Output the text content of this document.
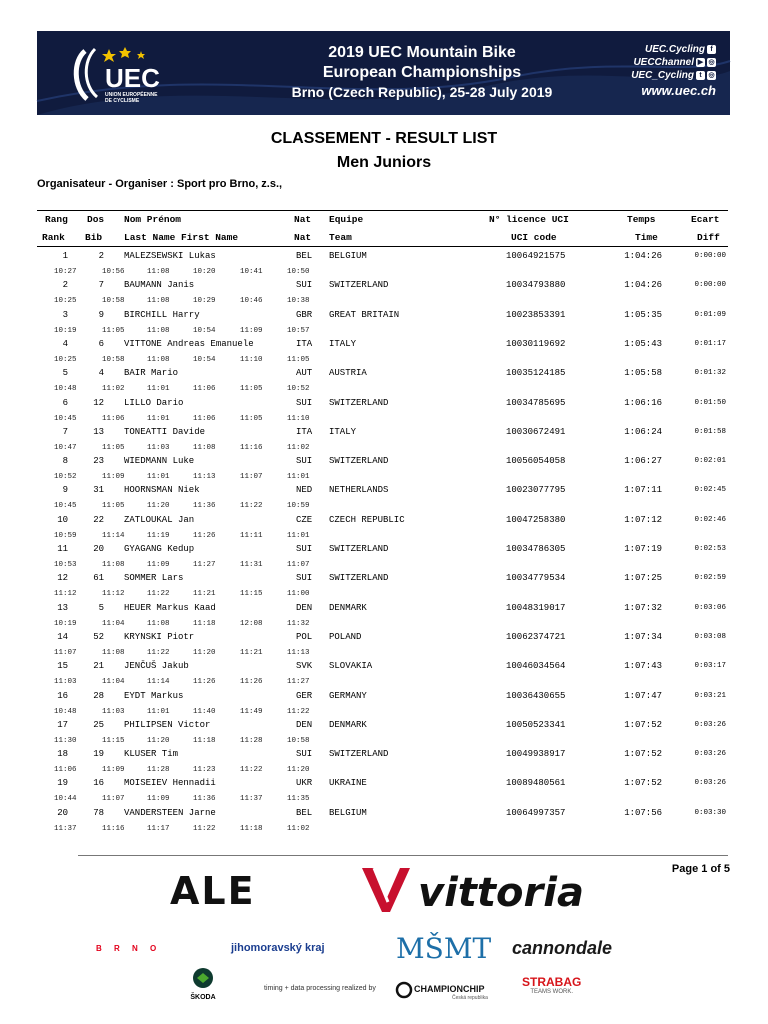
UEC
UNION EUROPÉENNE
DE CYCLISME
2019 UEC Mountain Bike
European Championships
Brno (Czech Republic), 25-28 July 2019
UEC.Cycling f
UECChannel ▶ ◎
UEC_Cycling t ◎
www.uec.ch
CLASSEMENT - RESULT LIST
Men Juniors
Organisateur - Organiser : Sport pro Brno, z.s.,
Rang Dos Nom Prénom	Nat Equipe	N° licence UCI	Temps	Ecart
Rank Bib Last Name First Name	Nat Team	UCI code	Time	Diff
1	2 MALEZSEWSKI Lukas	BEL BELGIUM	10064921575	1:04:26	0:00:00
10:27	10:56	11:08	10:20	10:41	10:50
2	7 BAUMANN Janis	SUI SWITZERLAND	10034793880	1:04:26	0:00:00
10:25	10:58	11:08	10:29	10:46	10:38
3	9 BIRCHILL Harry	GBR GREAT BRITAIN	10023853391	1:05:35	0:01:09
10:19	11:05	11:08	10:54	11:09	10:57
4	6 VITTONE Andreas Emanuele	ITA ITALY	10030119692	1:05:43	0:01:17
10:25	10:58	11:08	10:54	11:10	11:05
5	4 BAIR Mario	AUT AUSTRIA	10035124185	1:05:58	0:01:32
10:48	11:02	11:01	11:06	11:05	10:52
6	12 LILLO Dario	SUI SWITZERLAND	10034785695	1:06:16	0:01:50
10:45	11:06	11:01	11:06	11:05	11:10
7	13 TONEATTI Davide	ITA ITALY	10030672491	1:06:24	0:01:58
10:47	11:05	11:03	11:08	11:16	11:02
8	23 WIEDMANN Luke	SUI SWITZERLAND	10056054058	1:06:27	0:02:01
10:52	11:09	11:01	11:13	11:07	11:01
9	31 HOORNSMAN Niek	NED NETHERLANDS	10023077795	1:07:11	0:02:45
10:45	11:05	11:20	11:36	11:22	10:59
10	22 ZATLOUKAL Jan	CZE CZECH REPUBLIC	10047258380	1:07:12	0:02:46
10:59	11:14	11:19	11:26	11:11	11:01
11	20 GYAGANG Kedup	SUI SWITZERLAND	10034786305	1:07:19	0:02:53
10:53	11:08	11:09	11:27	11:31	11:07
12	61 SOMMER Lars	SUI SWITZERLAND	10034779534	1:07:25	0:02:59
11:12	11:12	11:22	11:21	11:15	11:00
13	5 HEUER Markus Kaad	DEN DENMARK	10048319017	1:07:32	0:03:06
10:19	11:04	11:08	11:18	12:08	11:32
14	52 KRYNSKI Piotr	POL POLAND	10062374721	1:07:34	0:03:08
11:07	11:08	11:22	11:20	11:21	11:13
15	21 JENČUŠ Jakub	SVK SLOVAKIA	10046034564	1:07:43	0:03:17
11:03	11:04	11:14	11:26	11:26	11:27
16	28 EYDT Markus	GER GERMANY	10036430655	1:07:47	0:03:21
10:48	11:03	11:01	11:40	11:49	11:22
17	25 PHILIPSEN Victor	DEN DENMARK	10050523341	1:07:52	0:03:26
11:30	11:15	11:20	11:18	11:28	10:58
18	19 KLUSER Tim	SUI SWITZERLAND	10049938917	1:07:52	0:03:26
11:06	11:09	11:28	11:23	11:22	11:20
19	16 MOISEIEV Hennadii	UKR UKRAINE	10089480561	1:07:52	0:03:26
10:44	11:07	11:09	11:36	11:37	11:35
20	78 VANDERSTEEN Jarne	BEL BELGIUM	10064997357	1:07:56	0:03:30
11:37	11:16	11:17	11:22	11:18	11:02
Page 1 of 5
ALE	vittoria
B R N O	jihomoravský kraj	MŠMT cannondale
ŠKODA
timing + data processing realized by	CHAMPIONCHIP
Česká republika
STRABAG
TEAMS WORK.
